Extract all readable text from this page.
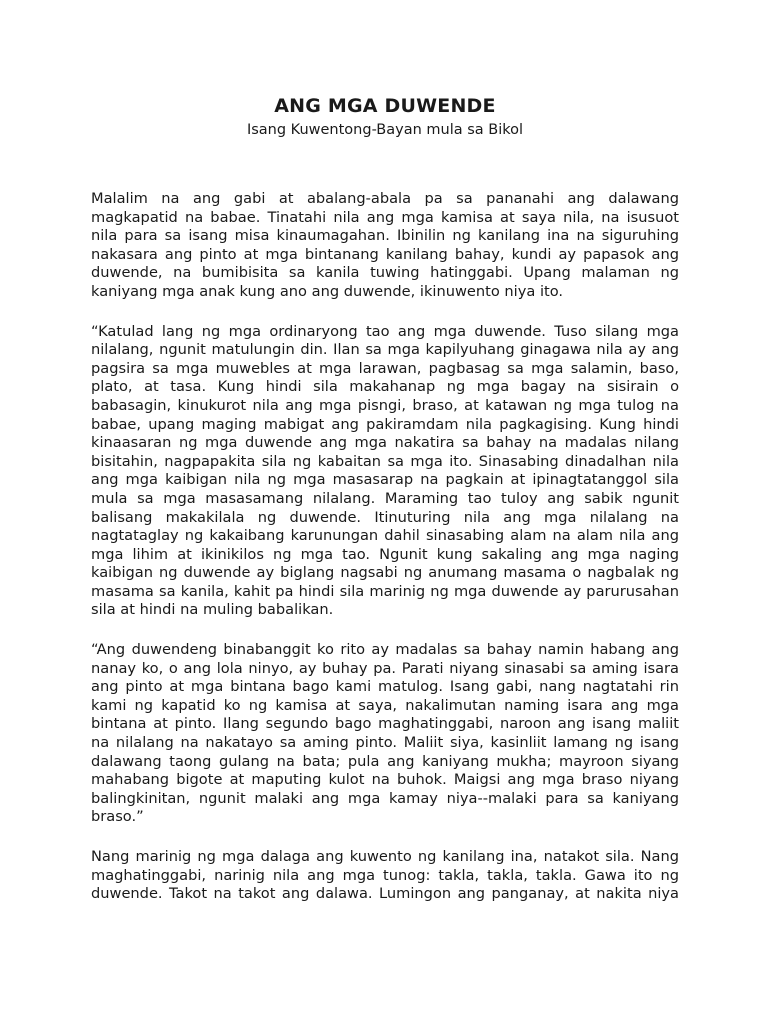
ANG MGA DUWENDE

Isang Kuwentong-Bayan mula sa Bikol

Malalim na ang gabi at abalang-abala pa sa pananahi ang dalawang magkapatid na babae. Tinatahi nila ang mga kamisa at saya nila, na isusuot nila para sa isang misa kinaumagahan. Ibinilin ng kanilang ina na siguruhing nakasara ang pinto at mga bintanang kanilang bahay, kundi ay papasok ang duwende, na bumibisita sa kanila tuwing hatinggabi. Upang malaman ng kaniyang mga anak kung ano ang duwende, ikinuwento niya ito.

“Katulad lang ng mga ordinaryong tao ang mga duwende. Tuso silang mga nilalang, ngunit matulungin din. Ilan sa mga kapilyuhang ginagawa nila ay ang pagsira sa mga muwebles at mga larawan, pagbasag sa mga salamin, baso, plato, at tasa. Kung hindi sila makahanap ng mga bagay na sisirain o babasagin, kinukurot nila ang mga pisngi, braso, at katawan ng mga tulog na babae, upang maging mabigat ang pakiramdam nila pagkagising. Kung hindi kinaasaran ng mga duwende ang mga nakatira sa bahay na madalas nilang bisitahin, nagpapakita sila ng kabaitan sa mga ito. Sinasabing dinadalhan nila ang mga kaibigan nila ng mga masasarap na pagkain at ipinagtatanggol sila mula sa mga masasamang nilalang. Maraming tao tuloy ang sabik ngunit balisang makakilala ng duwende. Itinuturing nila ang mga nilalang na nagtataglay ng kakaibang karunungan dahil sinasabing alam na alam nila ang mga lihim at ikinikilos ng mga tao. Ngunit kung sakaling ang mga naging kaibigan ng duwende ay biglang nagsabi ng anumang masama o nagbalak ng masama sa kanila, kahit pa hindi sila marinig ng mga duwende ay parurusahan sila at hindi na muling babalikan.

“Ang duwendeng binabanggit ko rito ay madalas sa bahay namin habang ang nanay ko, o ang lola ninyo, ay buhay pa. Parati niyang sinasabi sa aming isara ang pinto at mga bintana bago kami matulog. Isang gabi, nang nagtatahi rin kami ng kapatid ko ng kamisa at saya, nakalimutan naming isara ang mga bintana at pinto. Ilang segundo bago maghatinggabi, naroon ang isang maliit na nilalang na nakatayo sa aming pinto. Maliit siya, kasinliit lamang ng isang dalawang taong gulang na bata; pula ang kaniyang mukha; mayroon siyang mahabang bigote at maputing kulot na buhok. Maigsi ang mga braso niyang balingkinitan, ngunit malaki ang mga kamay niya--malaki para sa kaniyang braso.”

Nang marinig ng mga dalaga ang kuwento ng kanilang ina, natakot sila. Nang maghatinggabi, narinig nila ang mga tunog: takla, takla, takla. Gawa ito ng duwende. Takot na takot ang dalawa. Lumingon ang panganay, at nakita niya
